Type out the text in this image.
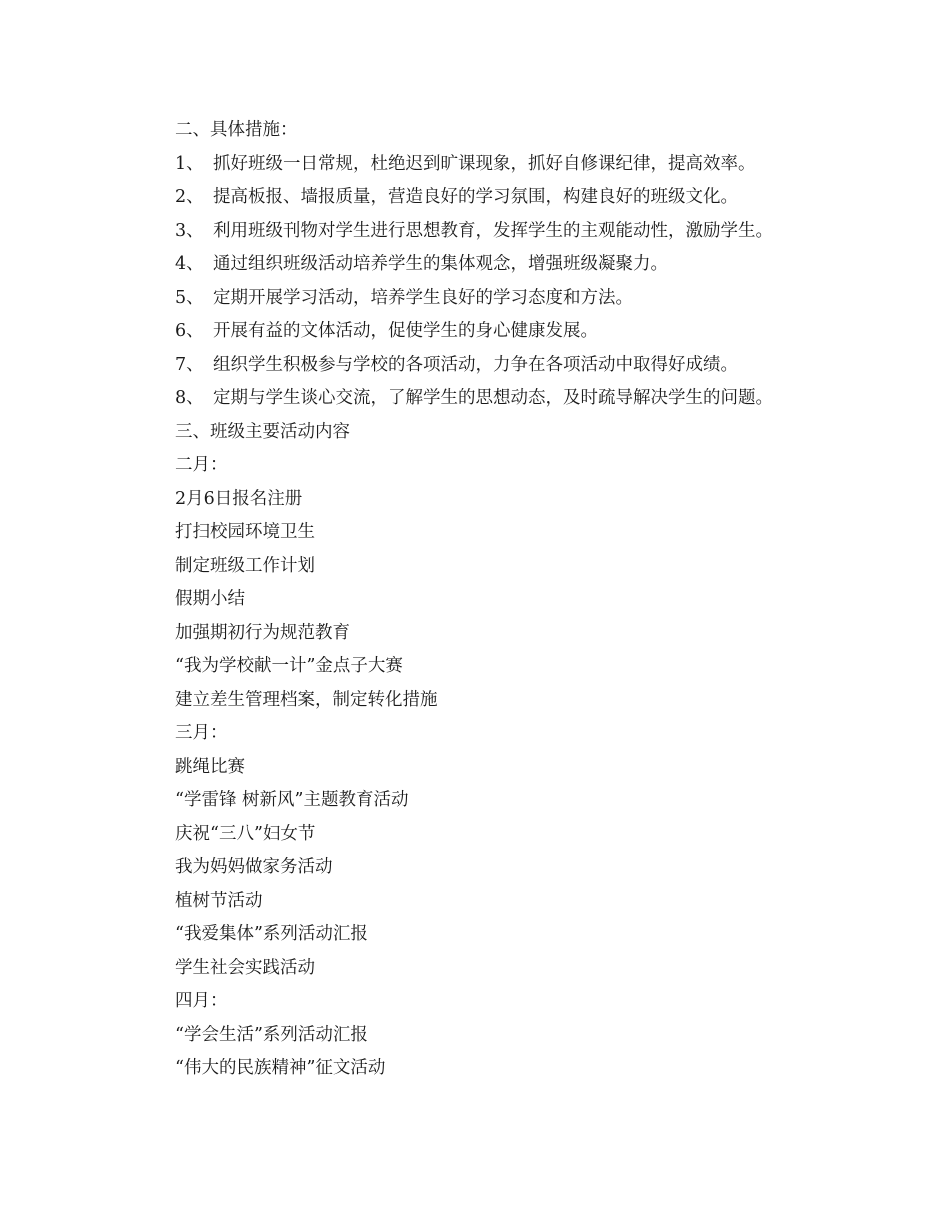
二、具体措施：
1、 抓好班级一日常规，杜绝迟到旷课现象，抓好自修课纪律，提高效率。
2、 提高板报、墙报质量，营造良好的学习氛围，构建良好的班级文化。
3、 利用班级刊物对学生进行思想教育，发挥学生的主观能动性，激励学生。
4、 通过组织班级活动培养学生的集体观念，增强班级凝聚力。
5、 定期开展学习活动，培养学生良好的学习态度和方法。
6、 开展有益的文体活动，促使学生的身心健康发展。
7、 组织学生积极参与学校的各项活动，力争在各项活动中取得好成绩。
8、 定期与学生谈心交流，了解学生的思想动态，及时疏导解决学生的问题。
三、班级主要活动内容
二月：
2月6日报名注册
打扫校园环境卫生
制定班级工作计划
假期小结
加强期初行为规范教育
“我为学校献一计”金点子大赛
建立差生管理档案，制定转化措施
三月：
跳绳比赛
“学雷锋 树新风”主题教育活动
庆祝“三八”妇女节
我为妈妈做家务活动
植树节活动
“我爱集体”系列活动汇报
学生社会实践活动
四月：
“学会生活”系列活动汇报
“伟大的民族精神”征文活动
